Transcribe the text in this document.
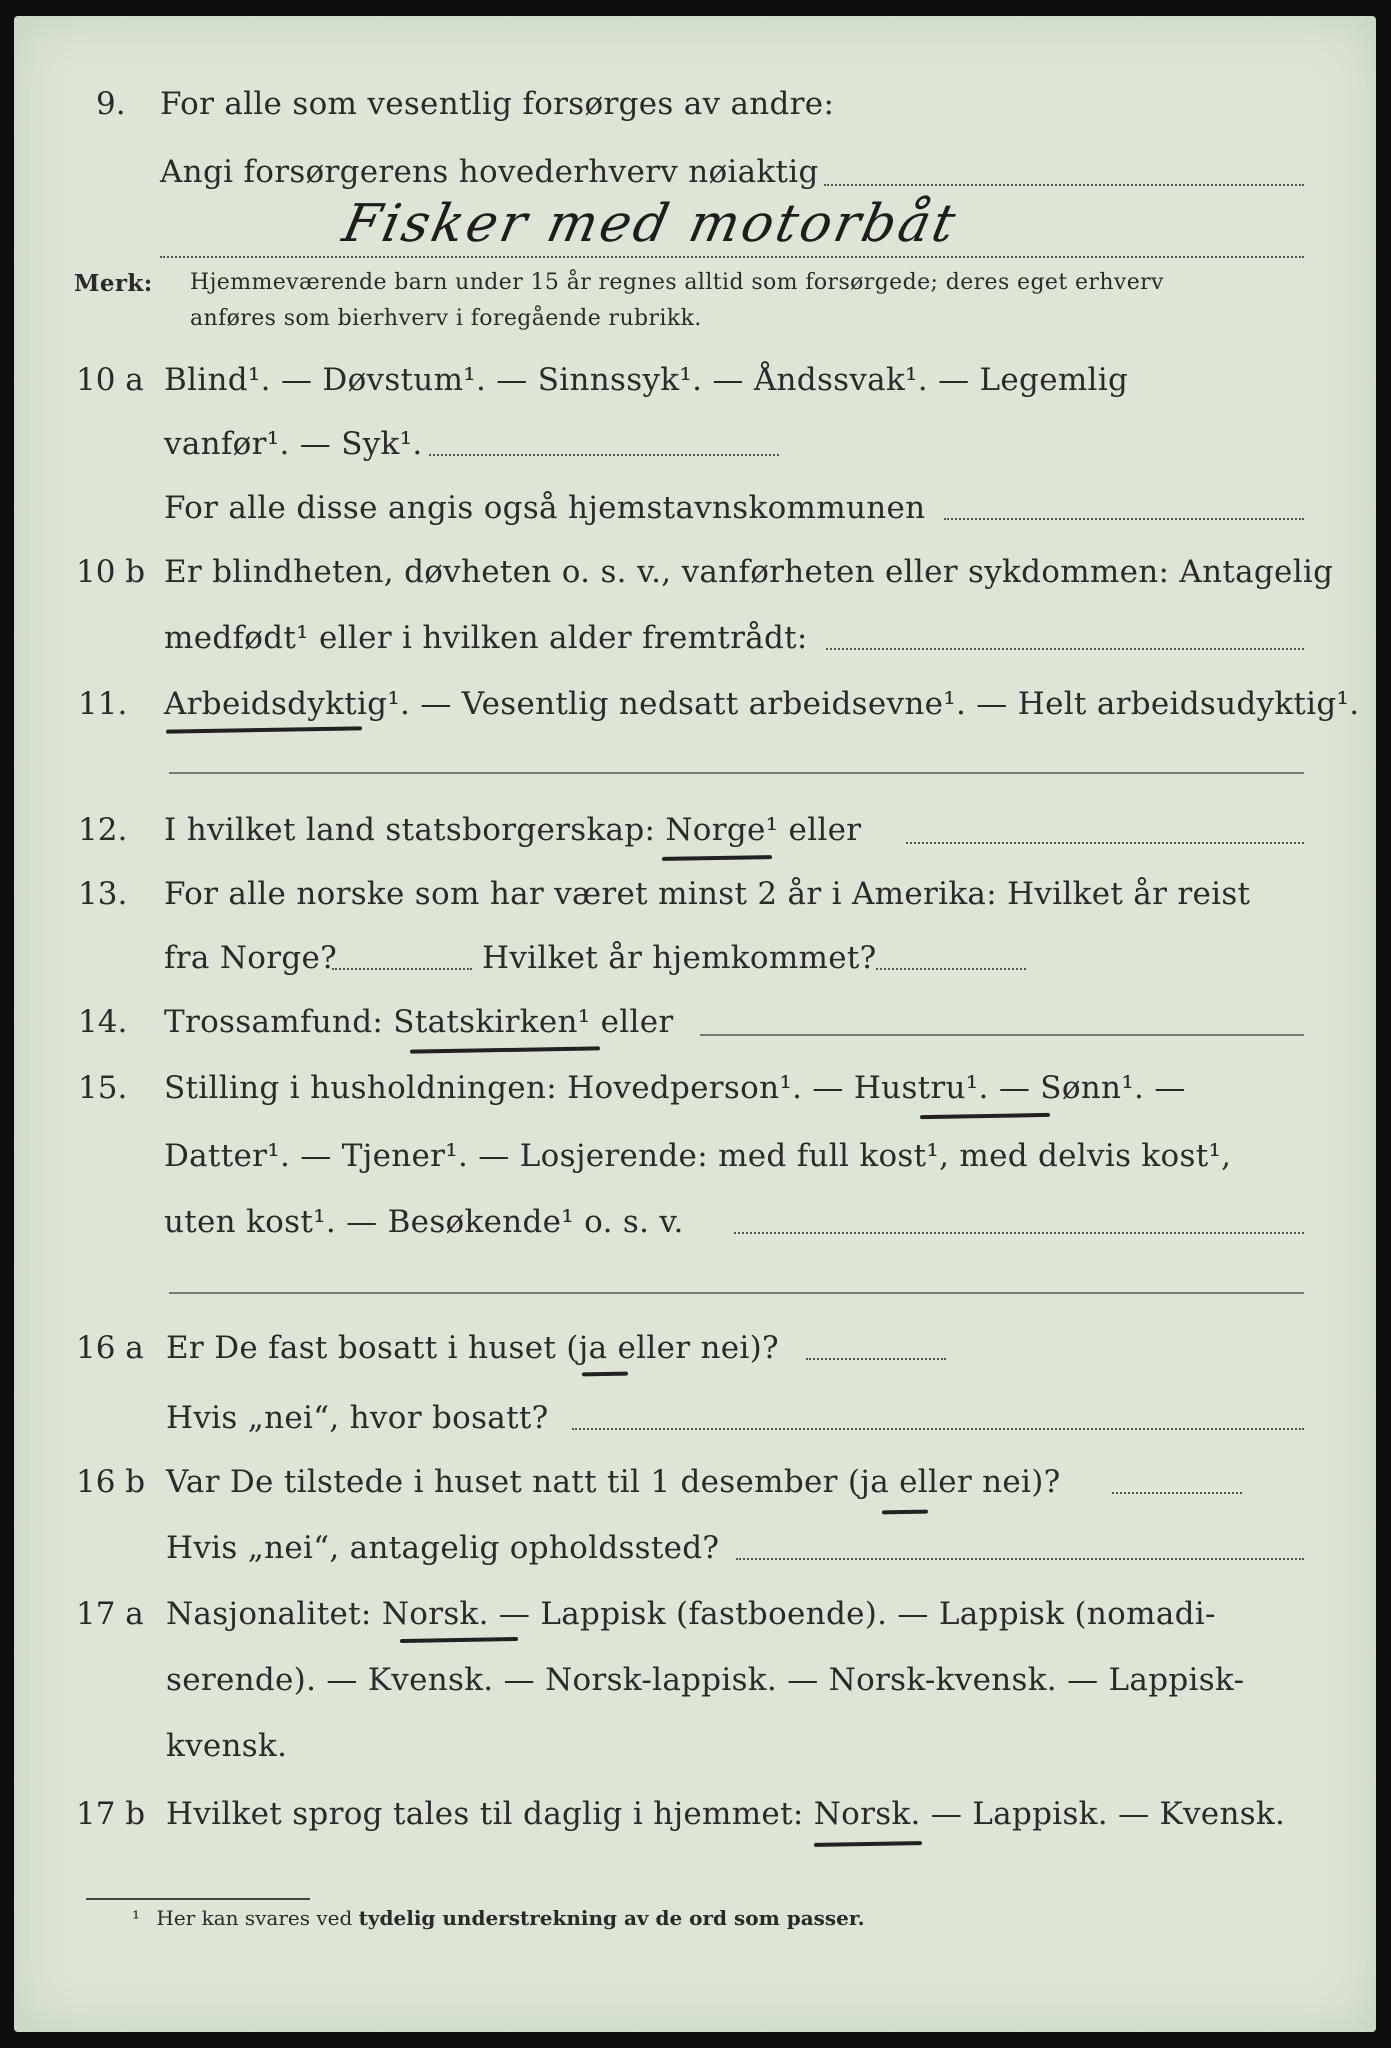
9. For alle som vesentlig forsørges av andre:
Angi forsørgerens hovederhverv nøiaktig
Fisker med motorbåt
Merk: Hjemmeværende barn under 15 år regnes alltid som forsørgede; deres eget erhverv
anføres som bierhverv i foregående rubrikk.
10 a Blind¹. — Døvstum¹. — Sinnssyk¹. — Åndssvak¹. — Legemlig
vanfør¹. — Syk¹.
For alle disse angis også hjemstavnskommunen
10 b Er blindheten, døvheten o. s. v., vanførheten eller sykdommen: Antagelig
medfødt¹ eller i hvilken alder fremtrådt:
11. Arbeidsdyktig¹. — Vesentlig nedsatt arbeidsevne¹. — Helt arbeidsudyktig¹.
12. I hvilket land statsborgerskap: Norge¹ eller
13. For alle norske som har været minst 2 år i Amerika: Hvilket år reist
fra Norge?	Hvilket år hjemkommet?
14. Trossamfund: Statskirken¹ eller
15. Stilling i husholdningen: Hovedperson¹. — Hustru¹. — Sønn¹. —
Datter¹. — Tjener¹. — Losjerende: med full kost¹, med delvis kost¹,
uten kost¹. — Besøkende¹ o. s. v.
16 a Er De fast bosatt i huset (ja eller nei)?
Hvis „nei“, hvor bosatt?
16 b Var De tilstede i huset natt til 1 desember (ja eller nei)?
Hvis „nei“, antagelig opholdssted?
17 a Nasjonalitet: Norsk. — Lappisk (fastboende). — Lappisk (nomadi-
serende). — Kvensk. — Norsk-lappisk. — Norsk-kvensk. — Lappisk-
kvensk.
17 b Hvilket sprog tales til daglig i hjemmet: Norsk. — Lappisk. — Kvensk.
¹ Her kan svares ved tydelig understrekning av de ord som passer.
